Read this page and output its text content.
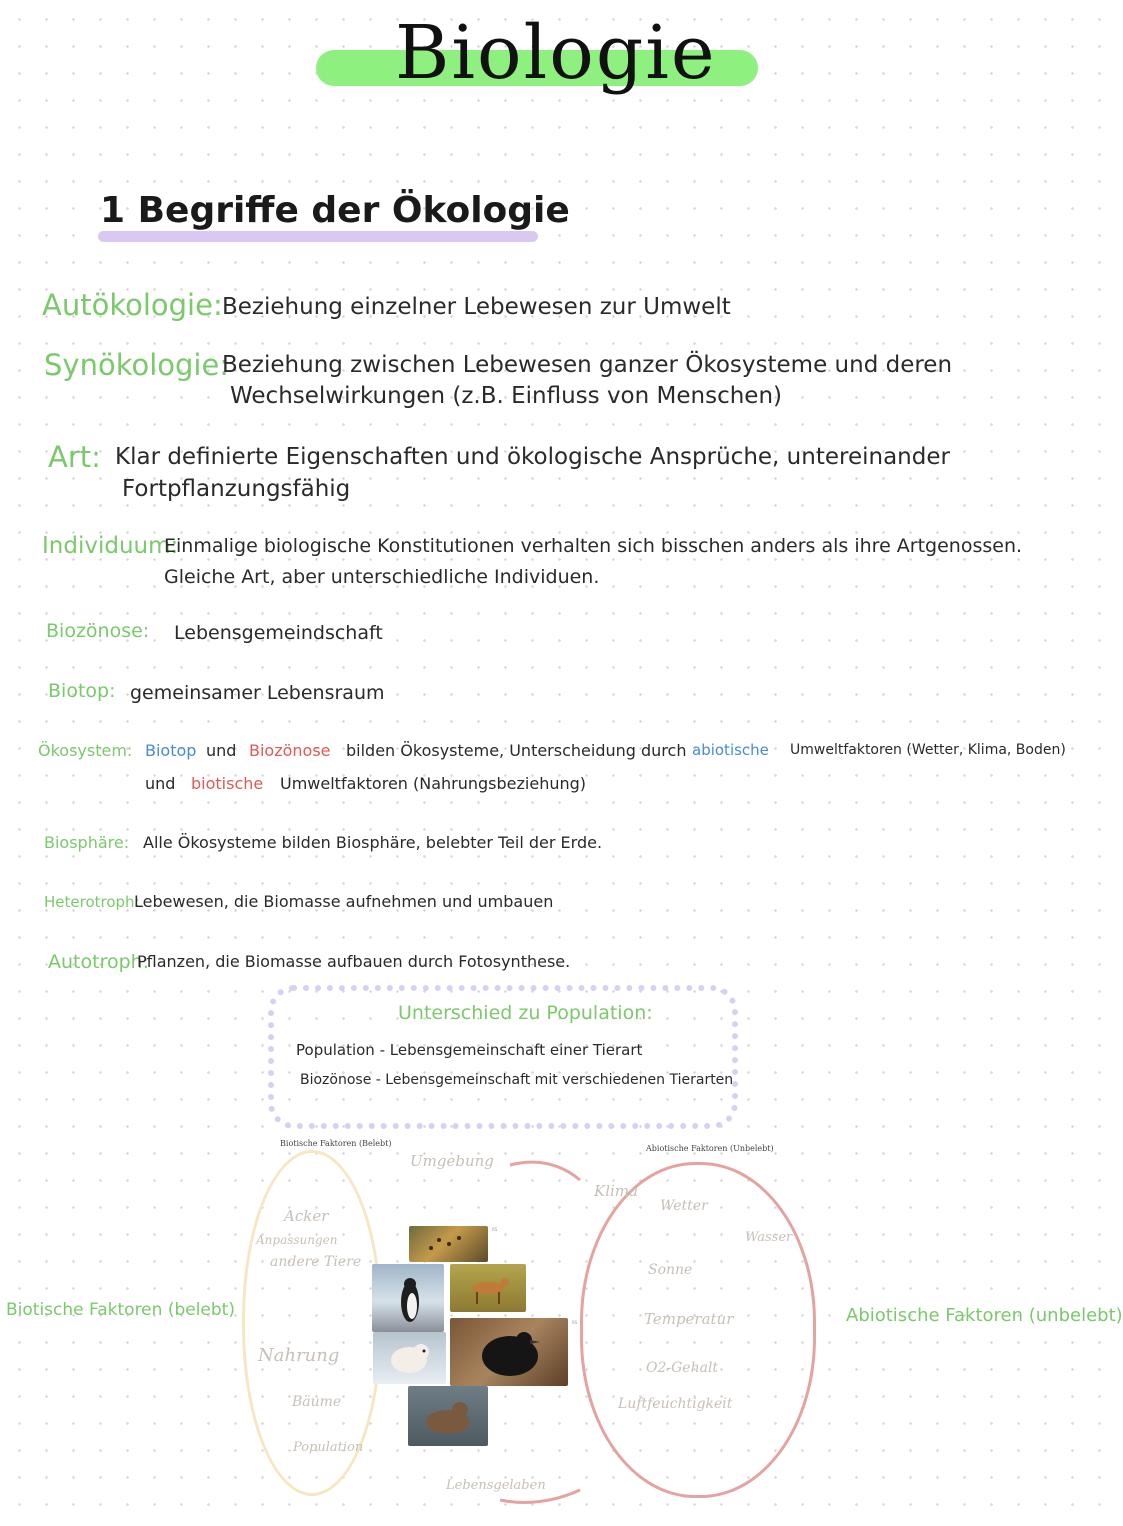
Biologie
1 Begriffe der Ökologie
Autökologie: Beziehung einzelner Lebewesen zur Umwelt
Synökologie:
Beziehung zwischen Lebewesen ganzer Ökosysteme und deren
Wechselwirkungen (z.B. Einfluss von Menschen)
Art: Klar definierte Eigenschaften und ökologische Ansprüche, untereinander
Fortpflanzungsfähig
Individuum:
Einmalige biologische Konstitutionen verhalten sich bisschen anders als ihre Artgenossen.
Gleiche Art, aber unterschiedliche Individuen.
Biozönose: Lebensgemeindschaft
Biotop: gemeinsamer Lebensraum
Ökosystem: Biotop und Biozönose bilden Ökosysteme, Unterscheidung durch abiotische Umweltfaktoren (Wetter, Klima, Boden)
und biotische Umweltfaktoren (Nahrungsbeziehung)
Biosphäre: Alle Ökosysteme bilden Biosphäre, belebter Teil der Erde.
Heterotroph:
Lebewesen, die Biomasse aufnehmen und umbauen
Autotroph:
Pflanzen, die Biomasse aufbauen durch Fotosynthese.
Unterschied zu Population:
Population - Lebensgemeinschaft einer Tierart
Biozönose - Lebensgemeinschaft mit verschiedenen Tierarten
Biotische Faktoren (Belebt)
Abiotische Faktoren (Unbelebt)
Umgebung
Lebensgelaben
Acker
Anpassungen
andere Tiere
Nahrung
Bäume
Population
Klima
Wetter
Wasser
Sonne
Temperatur
O2-Gehalt
Luftfeuchtigkeit
Biotische Faktoren (belebt)	Abiotische Faktoren (unbelebt)
RS
RS
